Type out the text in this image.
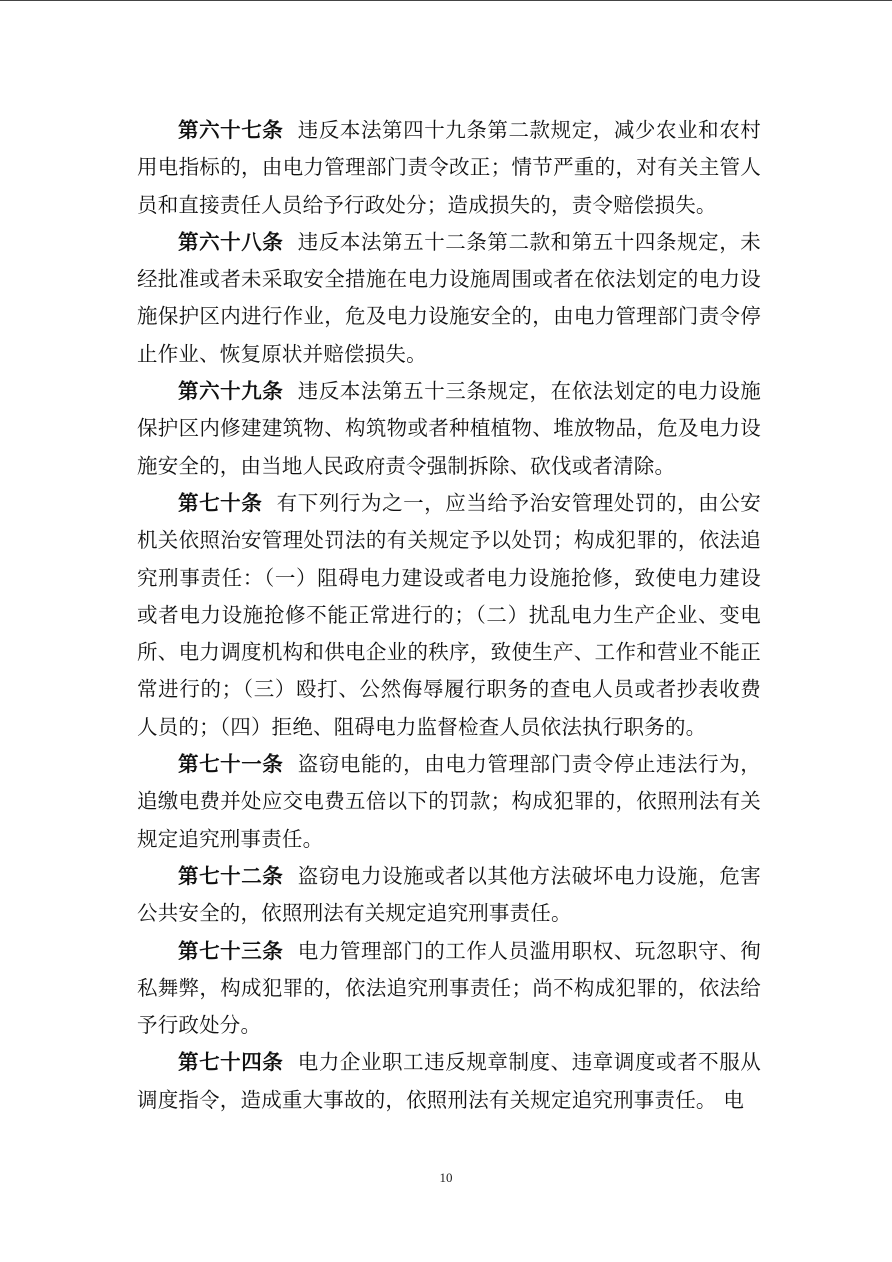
第六十七条 违反本法第四十九条第二款规定，减少农业和农村用电指标的，由电力管理部门责令改正；情节严重的，对有关主管人员和直接责任人员给予行政处分；造成损失的，责令赔偿损失。

第六十八条 违反本法第五十二条第二款和第五十四条规定，未经批准或者未采取安全措施在电力设施周围或者在依法划定的电力设施保护区内进行作业，危及电力设施安全的，由电力管理部门责令停止作业、恢复原状并赔偿损失。

第六十九条 违反本法第五十三条规定，在依法划定的电力设施保护区内修建建筑物、构筑物或者种植植物、堆放物品，危及电力设施安全的，由当地人民政府责令强制拆除、砍伐或者清除。

第七十条 有下列行为之一，应当给予治安管理处罚的，由公安机关依照治安管理处罚法的有关规定予以处罚；构成犯罪的，依法追究刑事责任：（一）阻碍电力建设或者电力设施抢修，致使电力建设或者电力设施抢修不能正常进行的；（二）扰乱电力生产企业、变电所、电力调度机构和供电企业的秩序，致使生产、工作和营业不能正常进行的；（三）殴打、公然侮辱履行职务的查电人员或者抄表收费人员的；（四）拒绝、阻碍电力监督检查人员依法执行职务的。

第七十一条 盗窃电能的，由电力管理部门责令停止违法行为，追缴电费并处应交电费五倍以下的罚款；构成犯罪的，依照刑法有关规定追究刑事责任。

第七十二条 盗窃电力设施或者以其他方法破坏电力设施，危害公共安全的，依照刑法有关规定追究刑事责任。

第七十三条 电力管理部门的工作人员滥用职权、玩忽职守、徇私舞弊，构成犯罪的，依法追究刑事责任；尚不构成犯罪的，依法给予行政处分。

第七十四条 电力企业职工违反规章制度、违章调度或者不服从调度指令，造成重大事故的，依照刑法有关规定追究刑事责任。 电

10
